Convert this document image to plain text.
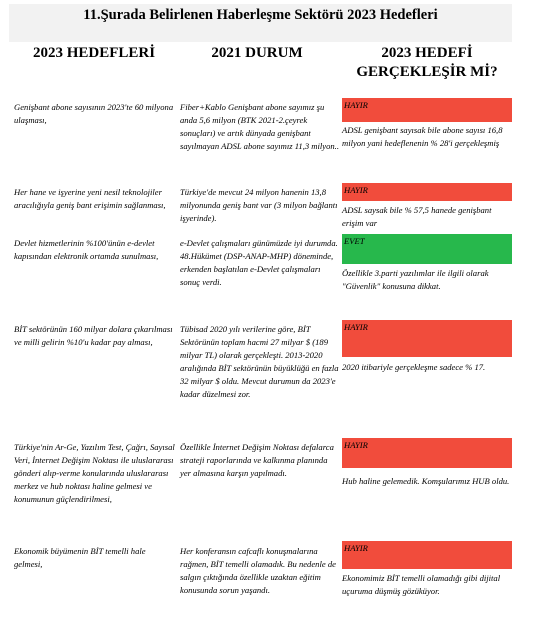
11.Şurada Belirlenen Haberleşme Sektörü 2023 Hedefleri
2023 HEDEFLERİ	2021 DURUM	2023 HEDEFİ
GERÇEKLEŞİR Mİ?

Genişbant abone sayısının 2023'te 60 milyona ulaşması,

Fiber+Kablo Genişbant abone sayımız şu anda 5,6 milyon (BTK 2021-2.çeyrek sonuçları) ve artık dünyada genişbant sayılmayan ADSL abone sayımız 11,3 milyon..

HAYIR

ADSL genişbant sayısak bile abone sayısı 16,8 milyon yani hedeflenenin % 28'i gerçekleşmiş

Her hane ve işyerine yeni nesil teknolojiler aracılığıyla geniş bant erişimin sağlanması,

Türkiye'de mevcut 24 milyon hanenin 13,8 milyonunda geniş bant var (3 milyon bağlantı işyerinde).

HAYIR

ADSL saysak bile % 57,5 hanede genişbant erişim var

Devlet hizmetlerinin %100'ünün e-devlet kapısından elektronik ortamda sunulması,

e-Devlet çalışmaları günümüzde iyi durumda. 48.Hükümet (DSP-ANAP-MHP) döneminde, erkenden başlatılan e-Devlet çalışmaları sonuç verdi.

EVET

Özellikle 3.parti yazılımlar ile ilgili olarak "Güvenlik" konusuna dikkat.

BİT sektörünün 160 milyar dolara çıkarılması ve milli gelirin %10'u kadar pay alması,

Tübisad 2020 yılı verilerine göre, BİT Sektörünün toplam hacmi 27 milyar $ (189 milyar TL) olarak gerçekleşti. 2013-2020 aralığında BİT sektörünün büyüklüğü en fazla 32 milyar $ oldu. Mevcut durumun da 2023'e kadar düzelmesi zor.

HAYIR

2020 itibariyle gerçekleşme sadece % 17.

Türkiye'nin Ar-Ge, Yazılım Test, Çağrı, Sayısal Veri, İnternet Değişim Noktası ile uluslararası gönderi alıp-verme konularında uluslararası merkez ve hub noktası haline gelmesi ve konumunun güçlendirilmesi,

Özellikle İnternet Değişim Noktası defalarca strateji raporlarında ve kalkınma planında yer almasına karşın yapılmadı.

HAYIR

Hub haline gelemedik. Komşularımız HUB oldu.

Ekonomik büyümenin BİT temelli hale gelmesi,

Her konferansın cafcaflı konuşmalarına rağmen, BİT temelli olamadık. Bu nedenle de salgın çıktığında özellikle uzaktan eğitim konusunda sorun yaşandı.

HAYIR

Ekonomimiz BİT temelli olamadığı gibi dijital uçuruma düşmüş gözüküyor.
